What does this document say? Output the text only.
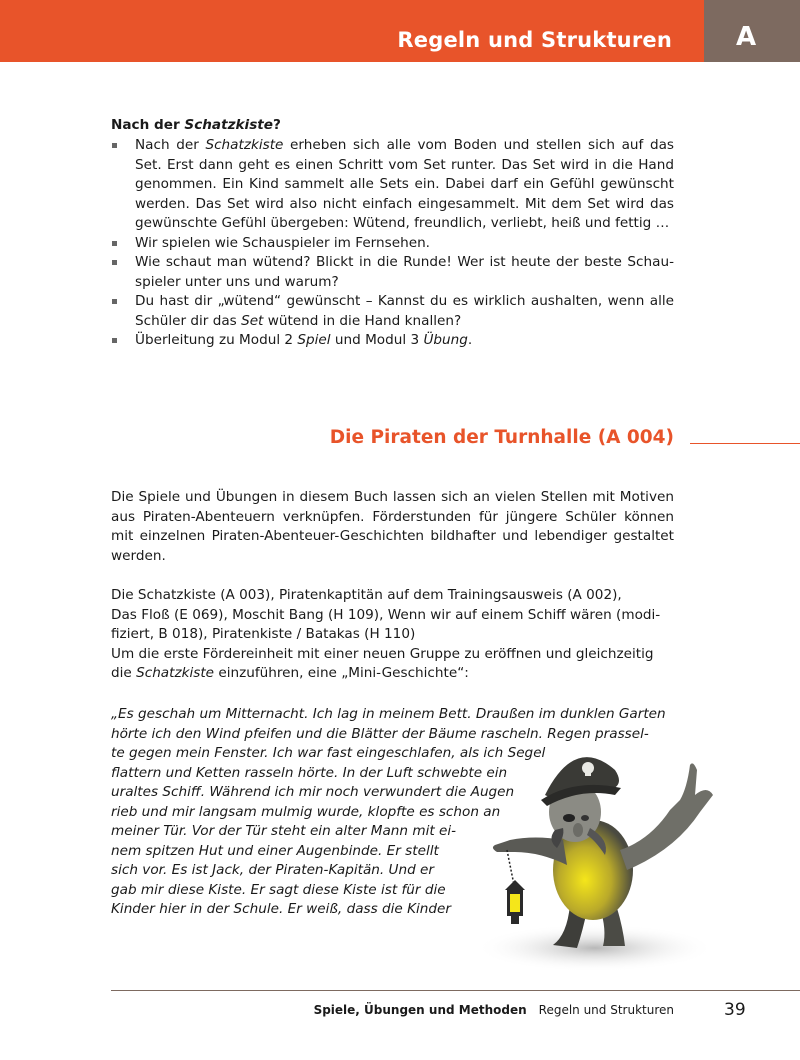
Regeln und Strukturen	A
Nach der Schatzkiste?
Nach der Schatzkiste erheben sich alle vom Boden und stellen sich auf das Set. Erst dann geht es einen Schritt vom Set runter. Das Set wird in die Hand genommen. Ein Kind sammelt alle Sets ein. Dabei darf ein Gefühl gewünscht werden. Das Set wird also nicht einfach eingesammelt. Mit dem Set wird das gewünschte Gefühl übergeben: Wütend, freundlich, verliebt, heiß und fettig …
Wir spielen wie Schauspieler im Fernsehen.
Wie schaut man wütend? Blickt in die Runde! Wer ist heute der beste Schauspieler unter uns und warum?
Du hast dir „wütend“ gewünscht – Kannst du es wirklich aushalten, wenn alle Schüler dir das Set wütend in die Hand knallen?
Überleitung zu Modul 2 Spiel und Modul 3 Übung.
Die Piraten der Turnhalle (A 004)
Die Spiele und Übungen in diesem Buch lassen sich an vielen Stellen mit Motiven aus Piraten-Abenteuern verknüpfen. Förderstunden für jüngere Schüler können mit einzelnen Piraten-Abenteuer-Geschichten bildhafter und lebendiger gestaltet werden.
Die Schatzkiste (A 003), Piratenkaptitän auf dem Trainingsausweis (A 002),
Das Floß (E 069), Moschit Bang (H 109), Wenn wir auf einem Schiff wären (modifiziert, B 018), Piratenkiste / Batakas (H 110)
Um die erste Fördereinheit mit einer neuen Gruppe zu eröffnen und gleichzeitig die Schatzkiste einzuführen, eine „Mini-Geschichte“:
„Es geschah um Mitternacht. Ich lag in meinem Bett. Draußen im dunklen Garten
hörte ich den Wind pfeifen und die Blätter der Bäume rascheln. Regen prassel-
te gegen mein Fenster. Ich war fast eingeschlafen, als ich Segel
flattern und Ketten rasseln hörte. In der Luft schwebte ein
uraltes Schiff. Während ich mir noch verwundert die Augen
rieb und mir langsam mulmig wurde, klopfte es schon an
meiner Tür. Vor der Tür steht ein alter Mann mit ei-
nem spitzen Hut und einer Augenbinde. Er stellt
sich vor. Es ist Jack, der Piraten-Kapitän. Und er
gab mir diese Kiste. Er sagt diese Kiste ist für die
Kinder hier in der Schule. Er weiß, dass die Kinder
Spiele, Übungen und Methoden Regeln und Strukturen	39
